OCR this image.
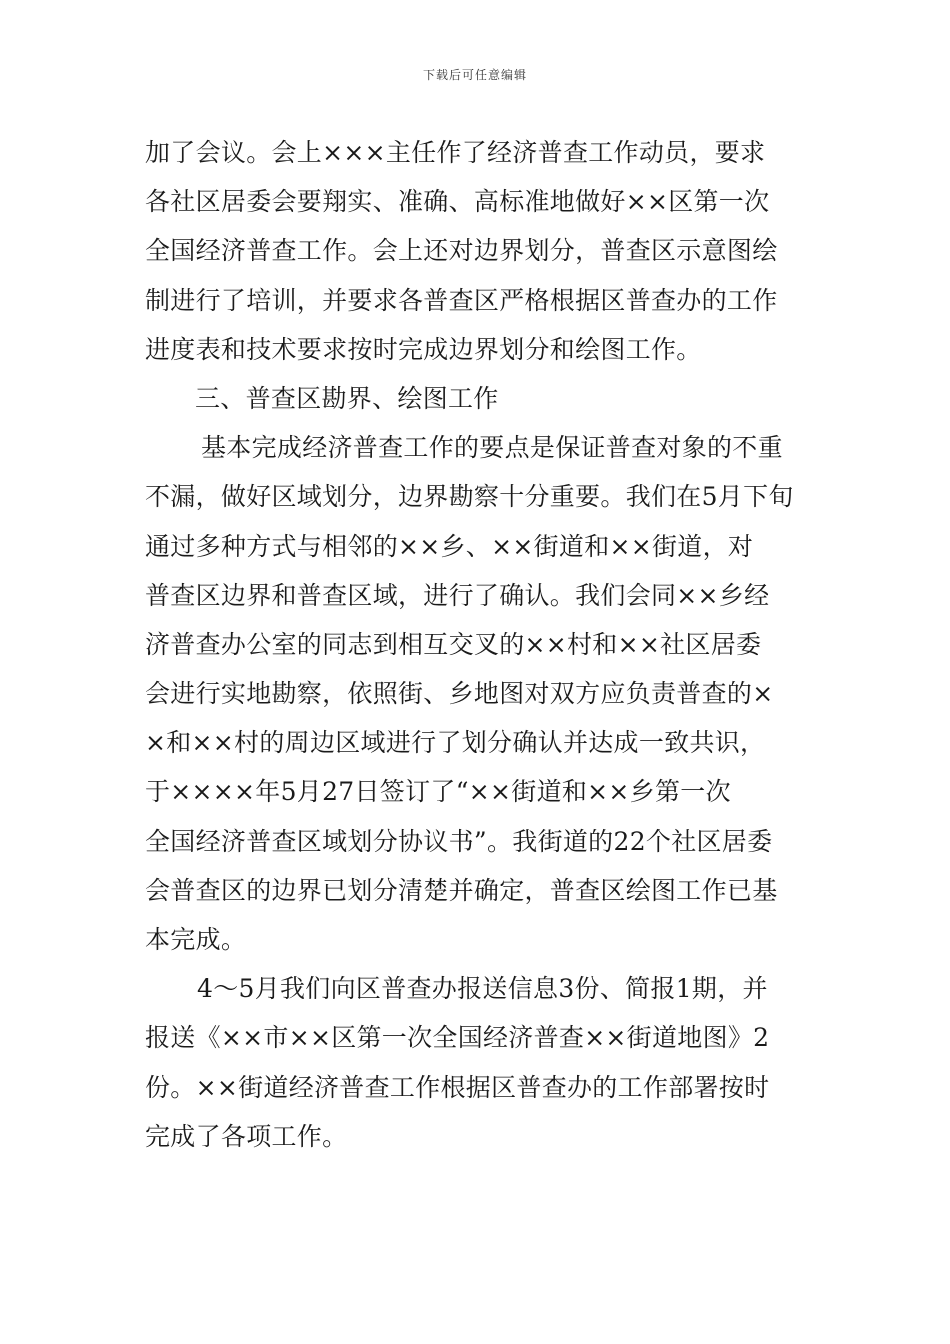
下载后可任意编辑
加了会议。会上×××主任作了经济普查工作动员，要求
各社区居委会要翔实、准确、高标准地做好××区第一次
全国经济普查工作。会上还对边界划分，普查区示意图绘
制进行了培训，并要求各普查区严格根据区普查办的工作
进度表和技术要求按时完成边界划分和绘图工作。
三、普查区勘界、绘图工作
基本完成经济普查工作的要点是保证普查对象的不重
不漏，做好区域划分，边界勘察十分重要。我们在5月下旬
通过多种方式与相邻的××乡、××街道和××街道，对
普查区边界和普查区域，进行了确认。我们会同××乡经
济普查办公室的同志到相互交叉的××村和××社区居委
会进行实地勘察，依照街、乡地图对双方应负责普查的×
×和××村的周边区域进行了划分确认并达成一致共识，
于××××年5月27日签订了“××街道和××乡第一次
全国经济普查区域划分协议书”。我街道的22个社区居委
会普查区的边界已划分清楚并确定，普查区绘图工作已基
本完成。
4～5月我们向区普查办报送信息3份、简报1期，并
报送《××市××区第一次全国经济普查××街道地图》2
份。××街道经济普查工作根据区普查办的工作部署按时
完成了各项工作。
